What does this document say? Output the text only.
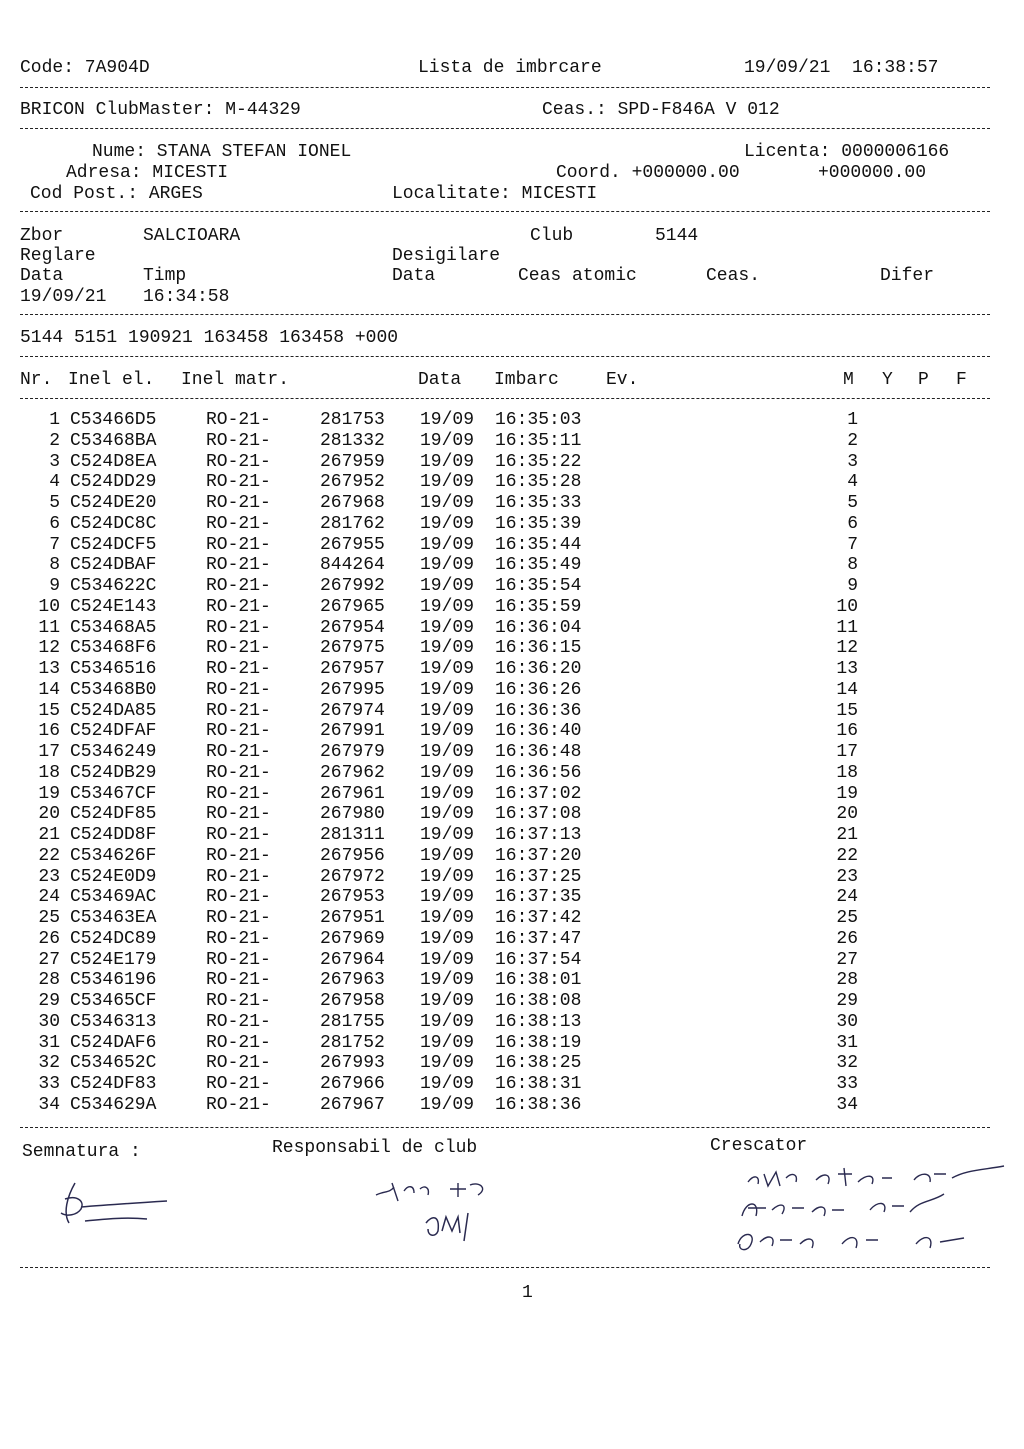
Code: 7A904D	Lista de imbrcare	19/09/21  16:38:57
BRICON ClubMaster: M-44329	Ceas.: SPD-F846A V 012
Nume: STANA STEFAN IONEL	Licenta: 0000006166
Adresa: MICESTI	Coord. +000000.00	+000000.00
Cod Post.: ARGES	Localitate: MICESTI
Zbor	SALCIOARA	Club	5144
Reglare	Desigilare
Data	Timp	Data	Ceas atomic	Ceas.	Difer
19/09/21 16:34:58
5144 5151 190921 163458 163458 +000
Nr. Inel el. Inel matr.	Data Imbarc	Ev.	M Y P F
1 C53466D5	RO-21-	281753 19/09 16:35:03	1
2 C53468BA	RO-21-	281332 19/09 16:35:11	2
3 C524D8EA	RO-21-	267959 19/09 16:35:22	3
4 C524DD29	RO-21-	267952 19/09 16:35:28	4
5 C524DE20	RO-21-	267968 19/09 16:35:33	5
6 C524DC8C	RO-21-	281762 19/09 16:35:39	6
7 C524DCF5	RO-21-	267955 19/09 16:35:44	7
8 C524DBAF	RO-21-	844264 19/09 16:35:49	8
9 C534622C	RO-21-	267992 19/09 16:35:54	9
10 C524E143	RO-21-	267965 19/09 16:35:59	10
11 C53468A5	RO-21-	267954 19/09 16:36:04	11
12 C53468F6	RO-21-	267975 19/09 16:36:15	12
13 C5346516	RO-21-	267957 19/09 16:36:20	13
14 C53468B0	RO-21-	267995 19/09 16:36:26	14
15 C524DA85	RO-21-	267974 19/09 16:36:36	15
16 C524DFAF	RO-21-	267991 19/09 16:36:40	16
17 C5346249	RO-21-	267979 19/09 16:36:48	17
18 C524DB29	RO-21-	267962 19/09 16:36:56	18
19 C53467CF	RO-21-	267961 19/09 16:37:02	19
20 C524DF85	RO-21-	267980 19/09 16:37:08	20
21 C524DD8F	RO-21-	281311 19/09 16:37:13	21
22 C534626F	RO-21-	267956 19/09 16:37:20	22
23 C524E0D9	RO-21-	267972 19/09 16:37:25	23
24 C53469AC	RO-21-	267953 19/09 16:37:35	24
25 C53463EA	RO-21-	267951 19/09 16:37:42	25
26 C524DC89	RO-21-	267969 19/09 16:37:47	26
27 C524E179	RO-21-	267964 19/09 16:37:54	27
28 C5346196	RO-21-	267963 19/09 16:38:01	28
29 C53465CF	RO-21-	267958 19/09 16:38:08	29
30 C5346313	RO-21-	281755 19/09 16:38:13	30
31 C524DAF6	RO-21-	281752 19/09 16:38:19	31
32 C534652C	RO-21-	267993 19/09 16:38:25	32
33 C524DF83	RO-21-	267966 19/09 16:38:31	33
34 C534629A	RO-21-	267967 19/09 16:38:36	34
Semnatura :	Responsabil de club	Crescator
1
